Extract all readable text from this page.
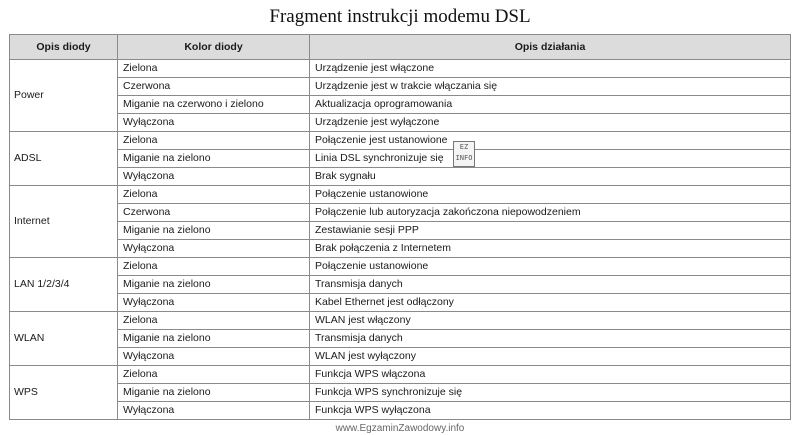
Fragment instrukcji modemu DSL
Opis diody	Kolor diody	Opis działania
Power	Zielona	Urządzenie jest włączone
	Czerwona	Urządzenie jest w trakcie włączania się
	Miganie na czerwono i zielono	Aktualizacja oprogramowania
	Wyłączona	Urządzenie jest wyłączone
ADSL	Zielona	Połączenie jest ustanowione
	Miganie na zielono	Linia DSL synchronizuje się
	Wyłączona	Brak sygnału
Internet	Zielona	Połączenie ustanowione
	Czerwona	Połączenie lub autoryzacja zakończona niepowodzeniem
	Miganie na zielono	Zestawianie sesji PPP
	Wyłączona	Brak połączenia z Internetem
LAN 1/2/3/4	Zielona	Połączenie ustanowione
	Miganie na zielono	Transmisja danych
	Wyłączona	Kabel Ethernet jest odłączony
WLAN	Zielona	WLAN jest włączony
	Miganie na zielono	Transmisja danych
	Wyłączona	WLAN jest wyłączony
WPS	Zielona	Funkcja WPS włączona
	Miganie na zielono	Funkcja WPS synchronizuje się
	Wyłączona	Funkcja WPS wyłączona
EZ
INFO
www.EgzaminZawodowy.info
